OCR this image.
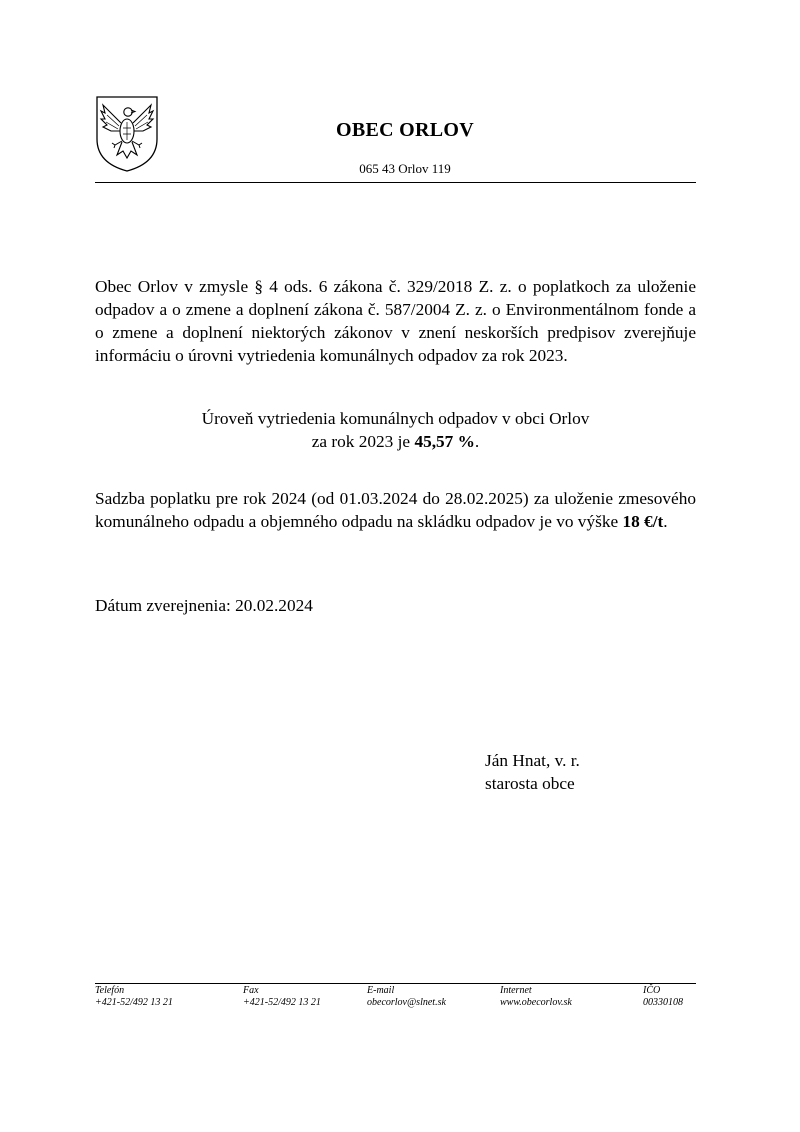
OBEC ORLOV
065 43 Orlov 119
Obec Orlov v zmysle § 4 ods. 6 zákona č. 329/2018 Z. z. o poplatkoch za uloženie odpadov a o zmene a doplnení zákona č. 587/2004 Z. z. o Environmentálnom fonde a o zmene a doplnení niektorých zákonov v znení neskorších predpisov zverejňuje informáciu o úrovni vytriedenia komunálnych odpadov za rok 2023.
Úroveň vytriedenia komunálnych odpadov v obci Orlov
za rok 2023 je 45,57 %.
Sadzba poplatku pre rok 2024 (od 01.03.2024 do 28.02.2025) za uloženie zmesového komunálneho odpadu a objemného odpadu na skládku odpadov je vo výške 18 €/t.
Dátum zverejnenia: 20.02.2024
Ján Hnat, v. r.
starosta obce
Telefón
+421-52/492 13 21
Fax
+421-52/492 13 21
E-mail
obecorlov@slnet.sk
Internet
www.obecorlov.sk
IČO
00330108
